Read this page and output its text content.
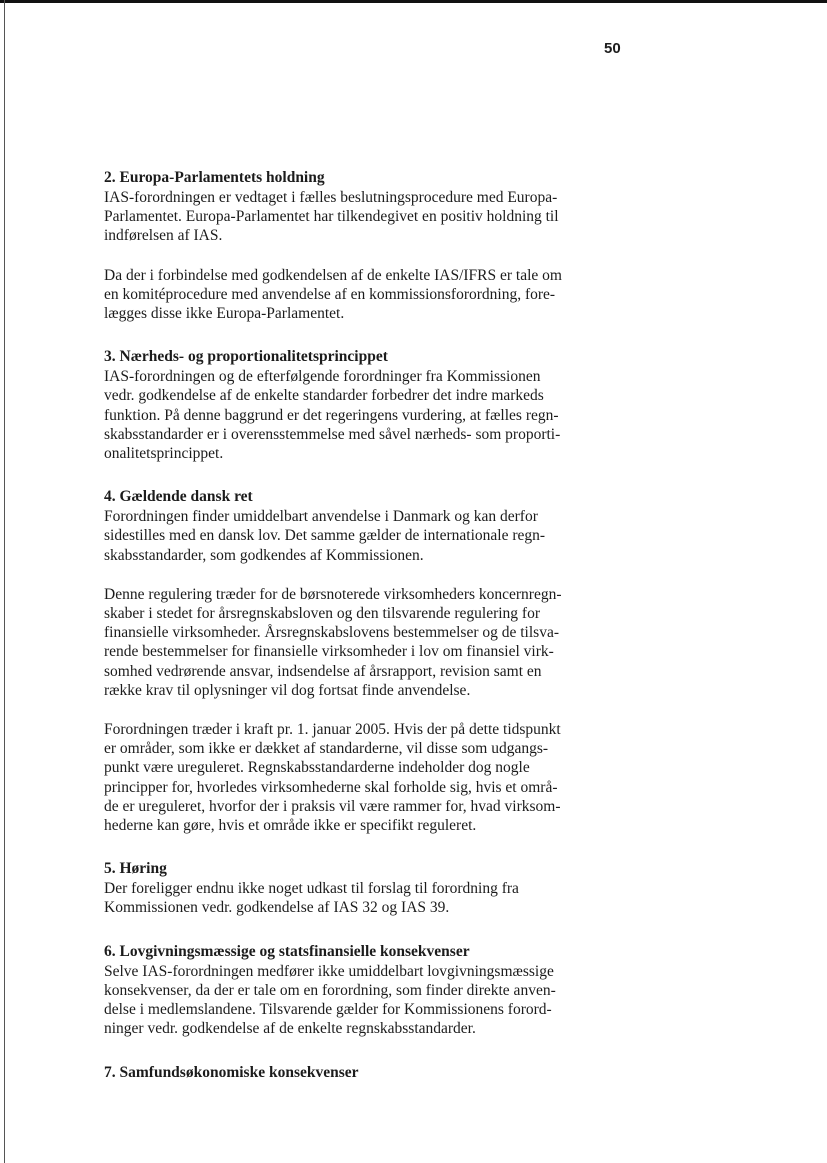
50
2. Europa-Parlamentets holdning
IAS-forordningen er vedtaget i fælles beslutningsprocedure med Europa-
Parlamentet. Europa-Parlamentet har tilkendegivet en positiv holdning til
indførelsen af IAS.
Da der i forbindelse med godkendelsen af de enkelte IAS/IFRS er tale om
en komitéprocedure med anvendelse af en kommissionsforordning, fore-
lægges disse ikke Europa-Parlamentet.
3. Nærheds- og proportionalitetsprincippet
IAS-forordningen og de efterfølgende forordninger fra Kommissionen
vedr. godkendelse af de enkelte standarder forbedrer det indre markeds
funktion. På denne baggrund er det regeringens vurdering, at fælles regn-
skabsstandarder er i overensstemmelse med såvel nærheds- som proporti-
onalitetsprincippet.
4. Gældende dansk ret
Forordningen finder umiddelbart anvendelse i Danmark og kan derfor
sidestilles med en dansk lov. Det samme gælder de internationale regn-
skabsstandarder, som godkendes af Kommissionen.
Denne regulering træder for de børsnoterede virksomheders koncernregn-
skaber i stedet for årsregnskabsloven og den tilsvarende regulering for
finansielle virksomheder. Årsregnskabslovens bestemmelser og de tilsva-
rende bestemmelser for finansielle virksomheder i lov om finansiel virk-
somhed vedrørende ansvar, indsendelse af årsrapport, revision samt en
række krav til oplysninger vil dog fortsat finde anvendelse.
Forordningen træder i kraft pr. 1. januar 2005. Hvis der på dette tidspunkt
er områder, som ikke er dækket af standarderne, vil disse som udgangs-
punkt være ureguleret. Regnskabsstandarderne indeholder dog nogle
principper for, hvorledes virksomhederne skal forholde sig, hvis et områ-
de er ureguleret, hvorfor der i praksis vil være rammer for, hvad virksom-
hederne kan gøre, hvis et område ikke er specifikt reguleret.
5. Høring
Der foreligger endnu ikke noget udkast til forslag til forordning fra
Kommissionen vedr. godkendelse af IAS 32 og IAS 39.
6. Lovgivningsmæssige og statsfinansielle konsekvenser
Selve IAS-forordningen medfører ikke umiddelbart lovgivningsmæssige
konsekvenser, da der er tale om en forordning, som finder direkte anven-
delse i medlemslandene. Tilsvarende gælder for Kommissionens forord-
ninger vedr. godkendelse af de enkelte regnskabsstandarder.
7. Samfundsøkonomiske konsekvenser
